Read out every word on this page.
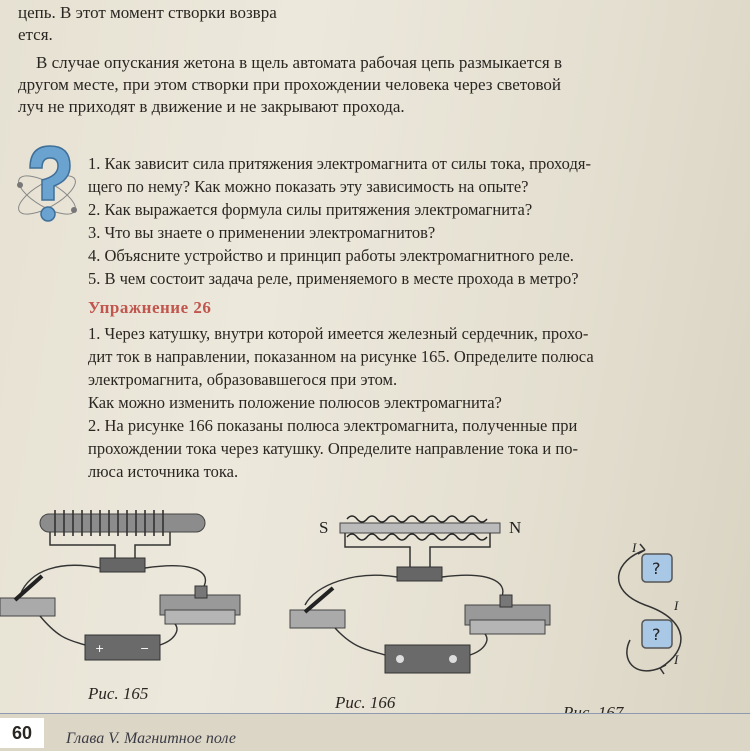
цепь. В этот момент створки возвра
ется.
В случае опускания жетона в щель автомата рабочая цепь размыкается в
другом месте, при этом створки при прохождении человека через световой
луч не приходят в движение и не закрывают прохода.
1. Как зависит сила притяжения электромагнита от силы тока, проходя-
щего по нему? Как можно показать эту зависимость на опыте?
2. Как выражается формула силы притяжения электромагнита?
3. Что вы знаете о применении электромагнитов?
4. Объясните устройство и принцип работы электромагнитного реле.
5. В чем состоит задача реле, применяемого в месте прохода в метро?
Упражнение 26
1. Через катушку, внутри которой имеется железный сердечник, прохо-
дит ток в направлении, показанном на рисунке 165. Определите полюса
электромагнита, образовавшегося при этом.
Как можно изменить положение полюсов электромагнита?
2. На рисунке 166 показаны полюса электромагнита, полученные при
прохождении тока через катушку. Определите направление тока и по-
люса источника тока.
+	−
Рис. 165
S	N
Рис. 166
?
?
I
I
I
60	Глава V. Магнитное поле
